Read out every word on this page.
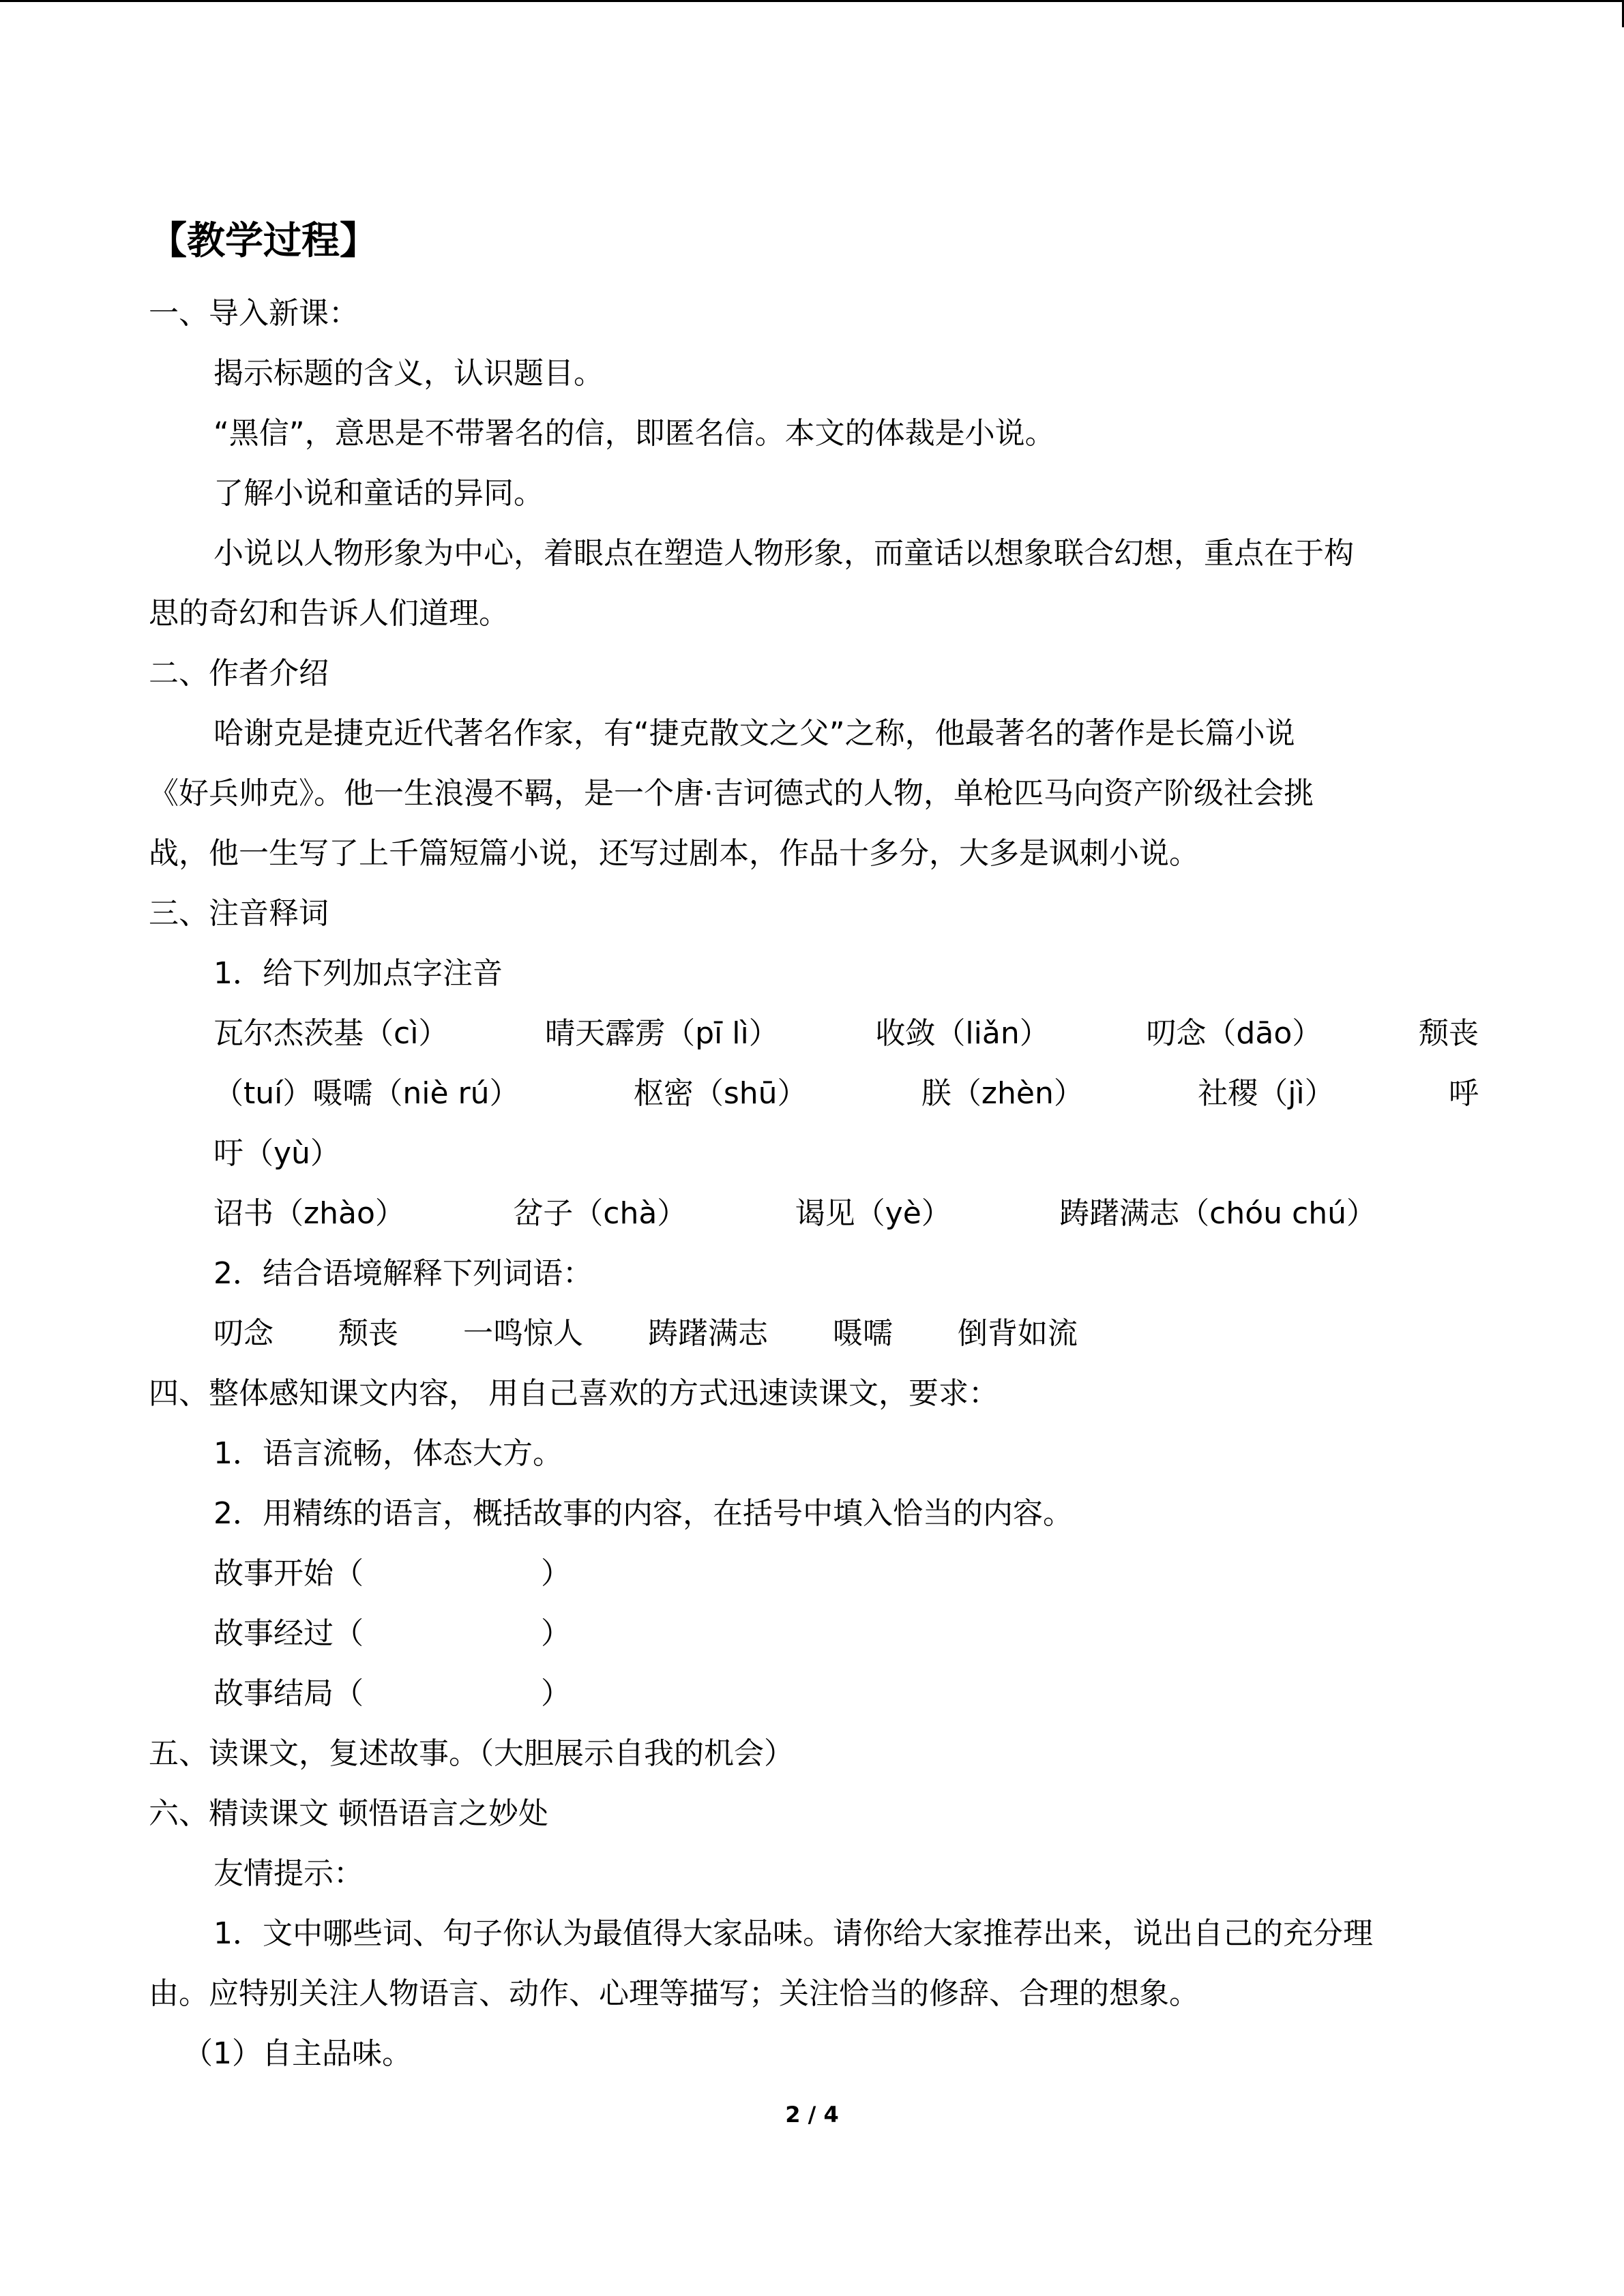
【教学过程】
一、导入新课：
揭示标题的含义，认识题目。
“黑信”，意思是不带署名的信，即匿名信。本文的体裁是小说。
了解小说和童话的异同。
小说以人物形象为中心，着眼点在塑造人物形象，而童话以想象联合幻想，重点在于构
思的奇幻和告诉人们道理。
二、作者介绍
哈谢克是捷克近代著名作家，有“捷克散文之父”之称，他最著名的著作是长篇小说
《好兵帅克》。他一生浪漫不羁，是一个唐·吉诃德式的人物，单枪匹马向资产阶级社会挑
战，他一生写了上千篇短篇小说，还写过剧本，作品十多分，大多是讽刺小说。
三、注音释词
1．给下列加点字注音
瓦尔杰茨基（cì）	晴天霹雳（pī lì）	收敛（liǎn）	叨念（dāo）	颓丧
（tuí）嗫嚅（niè rú）	枢密（shū）	朕（zhèn）	社稷（jì）	呼
吁（yù）
诏书（zhào）	岔子（chà）	谒见（yè）	踌躇满志（chóu chú）
2．结合语境解释下列词语：
叨念 颓丧 一鸣惊人 踌躇满志 嗫嚅 倒背如流
四、整体感知课文内容， 用自己喜欢的方式迅速读课文，要求：
1．语言流畅，体态大方。
2．用精练的语言，概括故事的内容，在括号中填入恰当的内容。
故事开始（	）
故事经过（	）
故事结局（	）
五、读课文，复述故事。（大胆展示自我的机会）
六、精读课文 顿悟语言之妙处
友情提示：
1．文中哪些词、句子你认为最值得大家品味。请你给大家推荐出来，说出自己的充分理
由。应特别关注人物语言、动作、心理等描写；关注恰当的修辞、合理的想象。
（1）自主品味。
2 / 4
